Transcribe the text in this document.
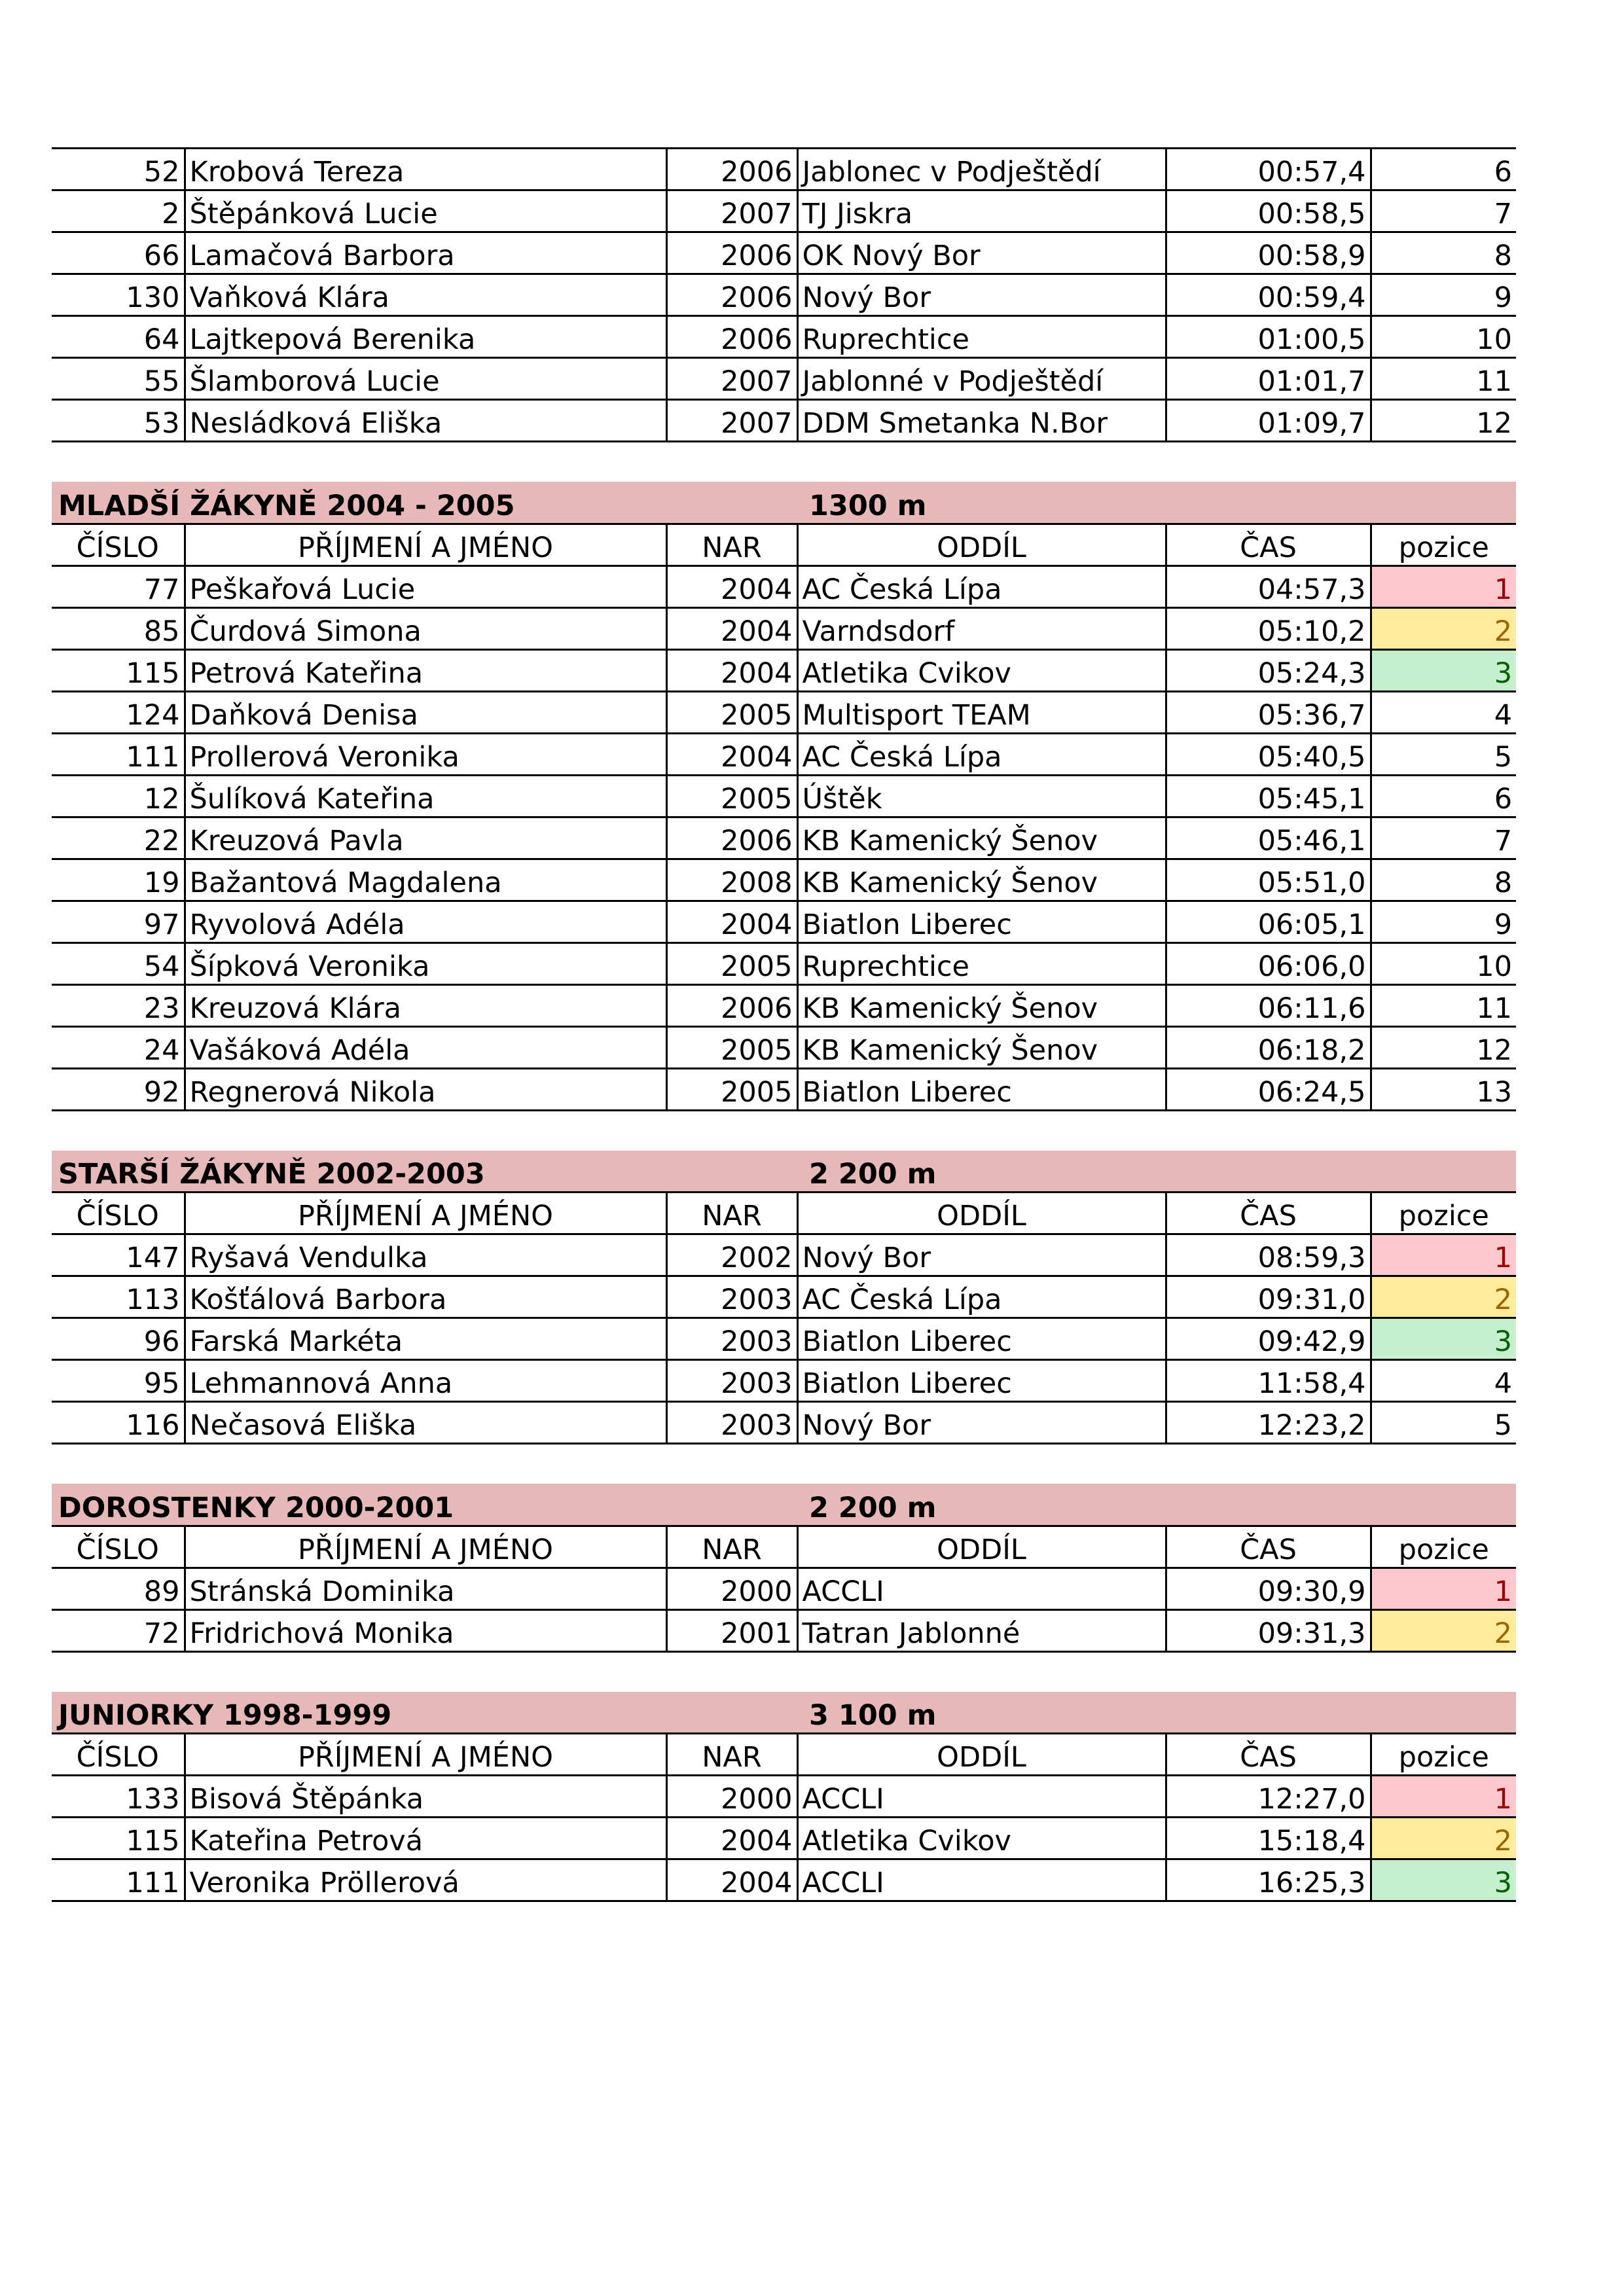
52	Krobová Tereza	2006	Jablonec v Podještědí	00:57,4	6
2	Štěpánková Lucie	2007	TJ Jiskra	00:58,5	7
66	Lamačová Barbora	2006	OK Nový Bor	00:58,9	8
130	Vaňková Klára	2006	Nový Bor	00:59,4	9
64	Lajtkepová Berenika	2006	Ruprechtice	01:00,5	10
55	Šlamborová Lucie	2007	Jablonné v Podještědí	01:01,7	11
53	Nesládková Eliška	2007	DDM Smetanka N.Bor	01:09,7	12
MLADŠÍ ŽÁKYNĚ 2004 - 2005			1300 m		
ČÍSLO	PŘÍJMENÍ A JMÉNO	NAR	ODDÍL	ČAS	pozice
77	Peškařová Lucie	2004	AC Česká Lípa	04:57,3	1
85	Čurdová Simona	2004	Varndsdorf	05:10,2	2
115	Petrová Kateřina	2004	Atletika Cvikov	05:24,3	3
124	Daňková Denisa	2005	Multisport TEAM	05:36,7	4
111	Prollerová Veronika	2004	AC Česká Lípa	05:40,5	5
12	Šulíková Kateřina	2005	Úštěk	05:45,1	6
22	Kreuzová Pavla	2006	KB Kamenický Šenov	05:46,1	7
19	Bažantová Magdalena	2008	KB Kamenický Šenov	05:51,0	8
97	Ryvolová Adéla	2004	Biatlon Liberec	06:05,1	9
54	Šípková Veronika	2005	Ruprechtice	06:06,0	10
23	Kreuzová Klára	2006	KB Kamenický Šenov	06:11,6	11
24	Vašáková Adéla	2005	KB Kamenický Šenov	06:18,2	12
92	Regnerová Nikola	2005	Biatlon Liberec	06:24,5	13
STARŠÍ ŽÁKYNĚ 2002-2003			2 200 m		
ČÍSLO	PŘÍJMENÍ A JMÉNO	NAR	ODDÍL	ČAS	pozice
147	Ryšavá Vendulka	2002	Nový Bor	08:59,3	1
113	Košťálová Barbora	2003	AC Česká Lípa	09:31,0	2
96	Farská Markéta	2003	Biatlon Liberec	09:42,9	3
95	Lehmannová Anna	2003	Biatlon Liberec	11:58,4	4
116	Nečasová Eliška	2003	Nový Bor	12:23,2	5
DOROSTENKY 2000-2001			2 200 m		
ČÍSLO	PŘÍJMENÍ A JMÉNO	NAR	ODDÍL	ČAS	pozice
89	Stránská Dominika	2000	ACCLI	09:30,9	1
72	Fridrichová Monika	2001	Tatran Jablonné	09:31,3	2
JUNIORKY 1998-1999			3 100 m		
ČÍSLO	PŘÍJMENÍ A JMÉNO	NAR	ODDÍL	ČAS	pozice
133	Bisová Štěpánka	2000	ACCLI	12:27,0	1
115	Kateřina Petrová	2004	Atletika Cvikov	15:18,4	2
111	Veronika Pröllerová	2004	ACCLI	16:25,3	3
